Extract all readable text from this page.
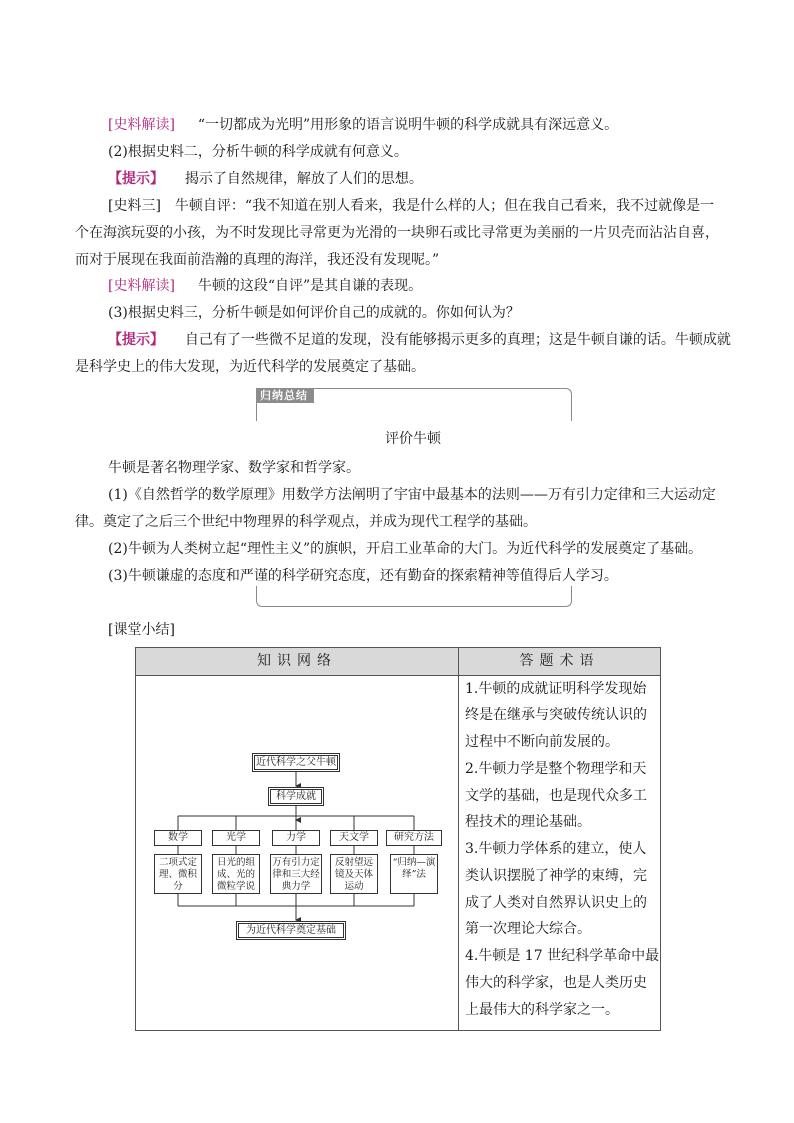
[史料解读] “一切都成为光明”用形象的语言说明牛顿的科学成就具有深远意义。
(2)根据史料二，分析牛顿的科学成就有何意义。
【提示】 揭示了自然规律，解放了人们的思想。
[史料三]　牛顿自评：“我不知道在别人看来，我是什么样的人；但在我自己看来，我不过就像是一
个在海滨玩耍的小孩，为不时发现比寻常更为光滑的一块卵石或比寻常更为美丽的一片贝壳而沾沾自喜，
而对于展现在我面前浩瀚的真理的海洋，我还没有发现呢。”
[史料解读] 牛顿的这段“自评”是其自谦的表现。
(3)根据史料三，分析牛顿是如何评价自己的成就的。你如何认为？
【提示】 自己有了一些微不足道的发现，没有能够揭示更多的真理；这是牛顿自谦的话。牛顿成就
是科学史上的伟大发现，为近代科学的发展奠定了基础。
归纳总结
评价牛顿
牛顿是著名物理学家、数学家和哲学家。
(1)《自然哲学的数学原理》用数学方法阐明了宇宙中最基本的法则——万有引力定律和三大运动定
律。奠定了之后三个世纪中物理界的科学观点，并成为现代工程学的基础。
(2)牛顿为人类树立起“理性主义”的旗帜，开启工业革命的大门。为近代科学的发展奠定了基础。
(3)牛顿谦虚的态度和严谨的科学研究态度，还有勤奋的探索精神等值得后人学习。
[课堂小结]
知识网络	答题术语
近代科学之父牛顿
科学成就
数学	光学	力学	天文学	研究方法
二项式定理、微积分
日光的组成、光的微粒学说
万有引力定律和三大经典力学
反射望远镜及天体运动
“归纳—演绎”法
为近代科学奠定基础
1.牛顿的成就证明科学发现始
终是在继承与突破传统认识的
过程中不断向前发展的。
2.牛顿力学是整个物理学和天
文学的基础，也是现代众多工
程技术的理论基础。
3.牛顿力学体系的建立，使人
类认识摆脱了神学的束缚，完
成了人类对自然界认识史上的
第一次理论大综合。
4.牛顿是 17 世纪科学革命中最
伟大的科学家，也是人类历史
上最伟大的科学家之一。
